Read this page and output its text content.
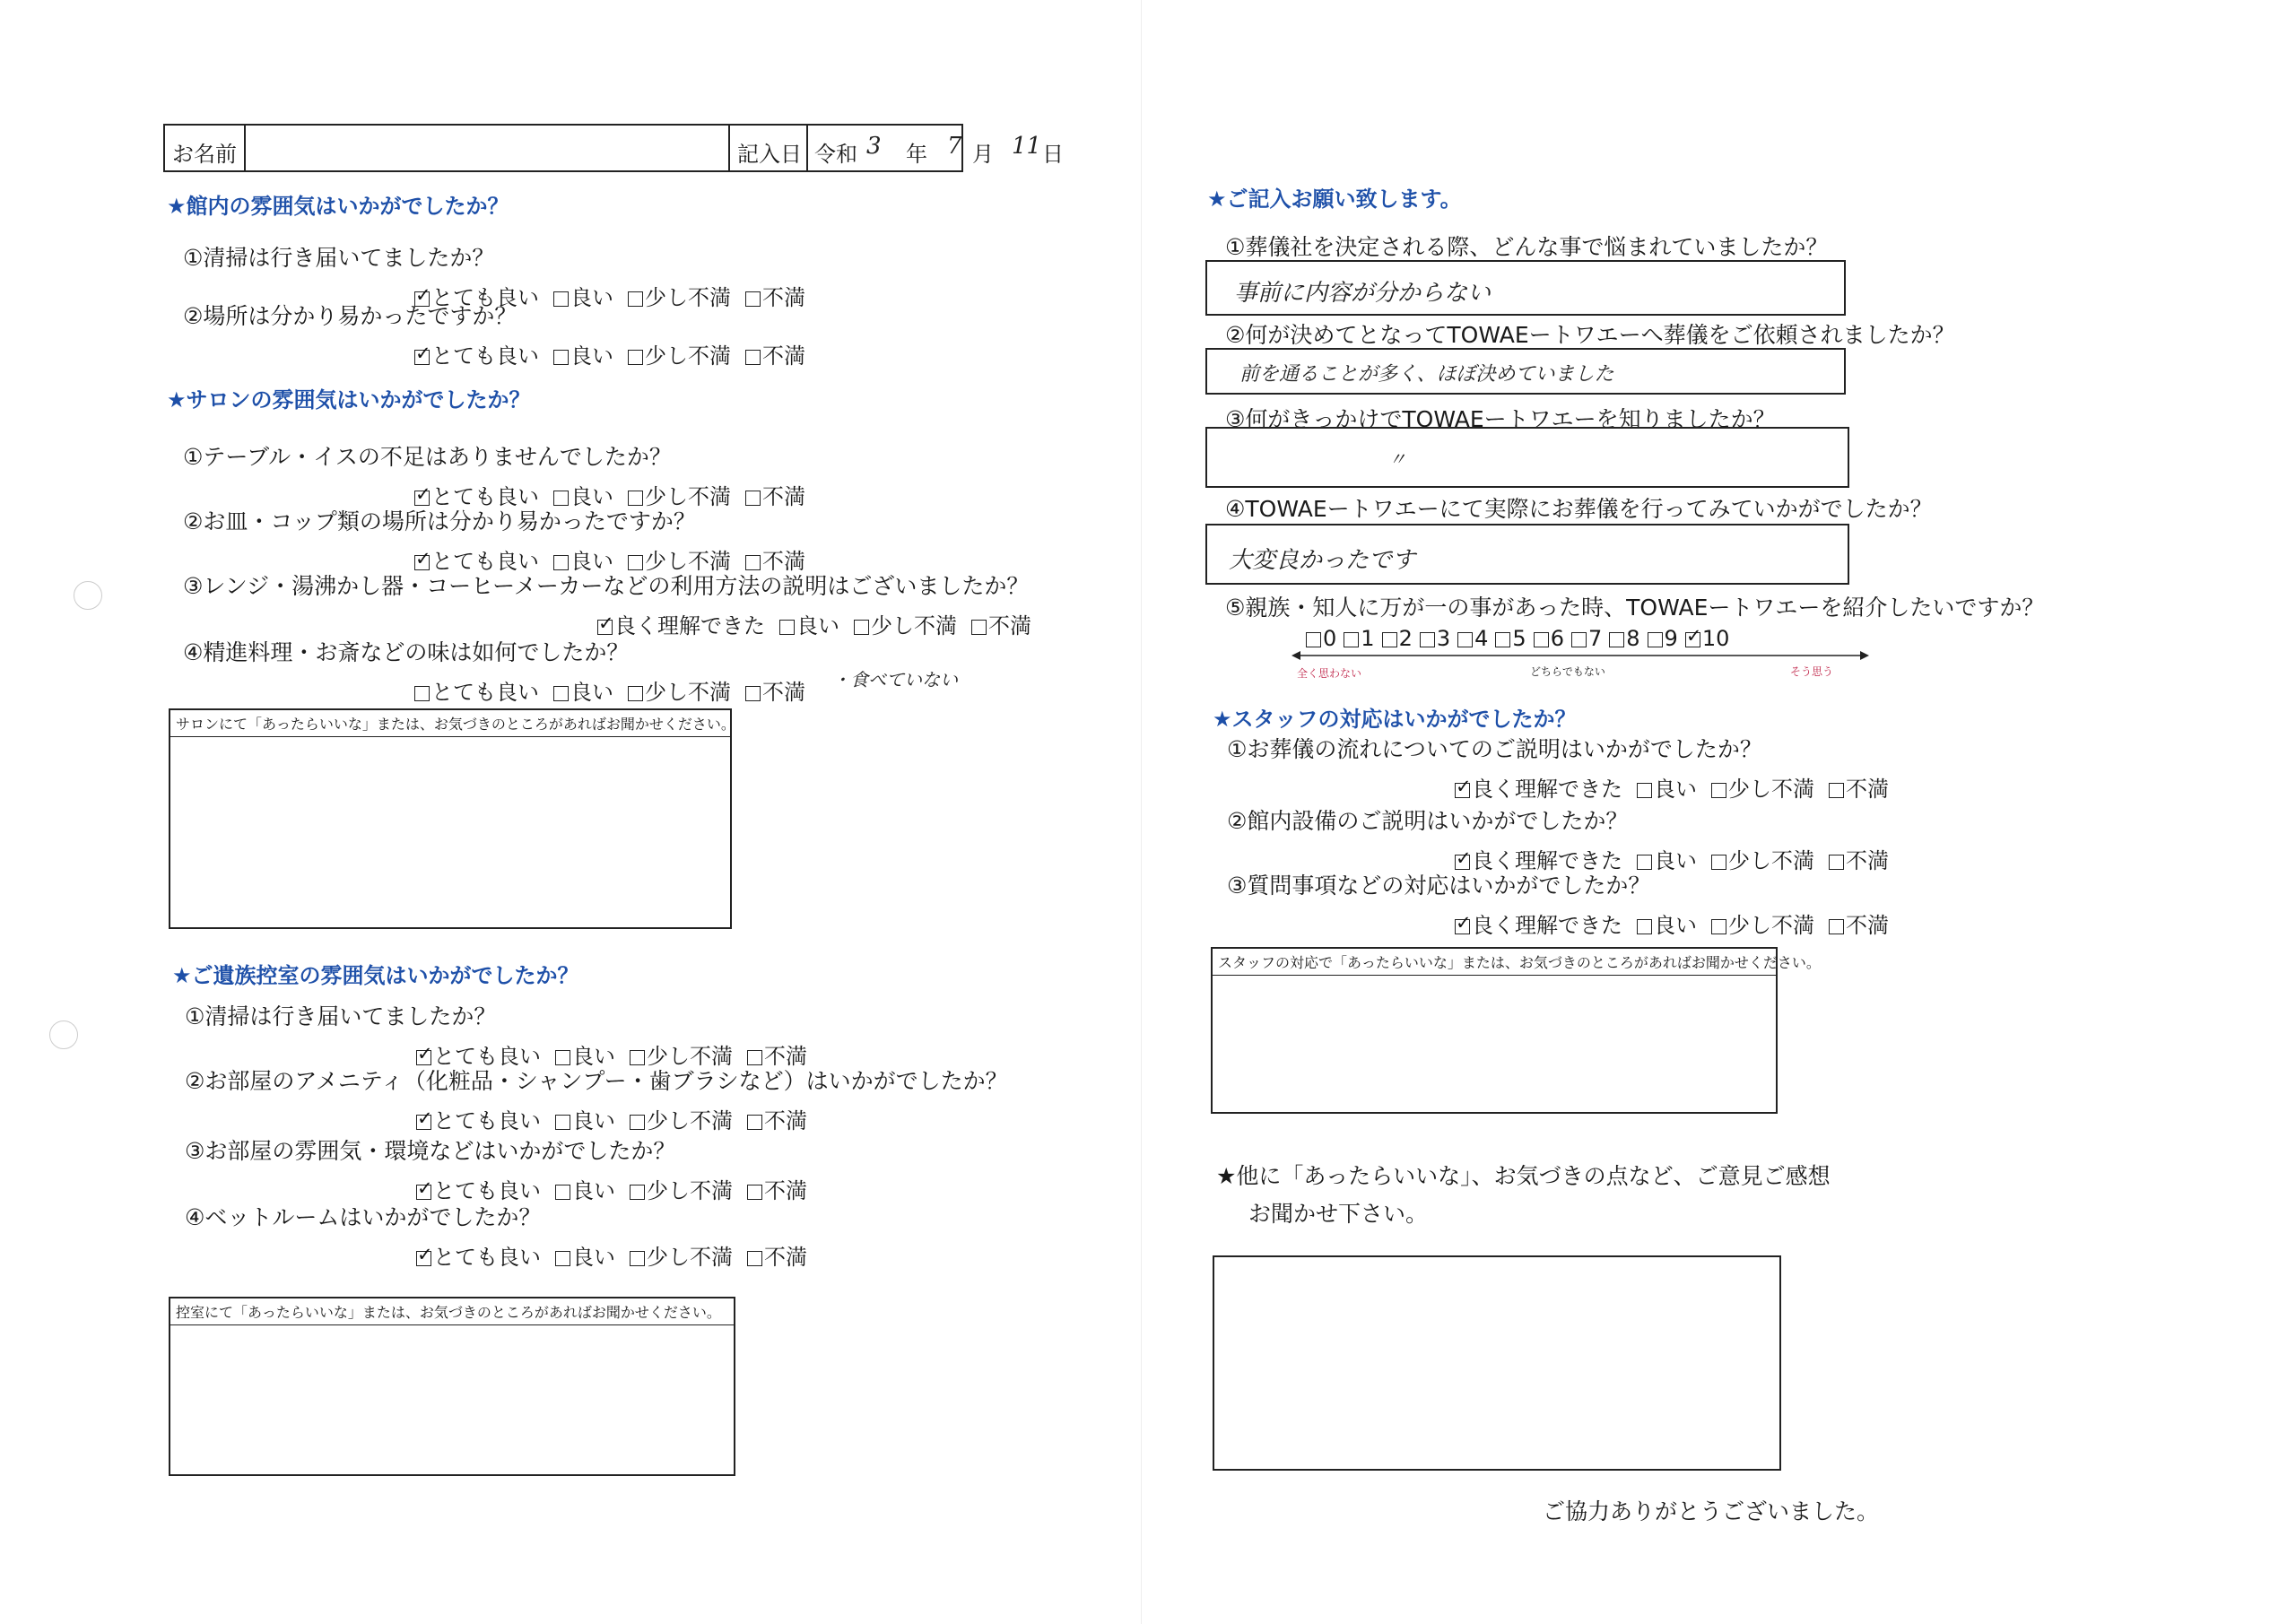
お名前	記入日 令和 3 年 7 月 11 日
★館内の雰囲気はいかがでしたか？
①清掃は行き届いてましたか？
✓とても良い 良い 少し不満 不満
②場所は分かり易かったですか？
✓とても良い 良い 少し不満 不満
★サロンの雰囲気はいかがでしたか？
①テーブル・イスの不足はありませんでしたか？
✓とても良い 良い 少し不満 不満
②お皿・コップ類の場所は分かり易かったですか？
✓とても良い 良い 少し不満 不満
③レンジ・湯沸かし器・コーヒーメーカーなどの利用方法の説明はございましたか？
✓良く理解できた 良い 少し不満 不満
④精進料理・お斎などの味は如何でしたか？
とても良い 良い 少し不満 不満	・食べていない
サロンにて「あったらいいな」または、お気づきのところがあればお聞かせください。
★ご遺族控室の雰囲気はいかがでしたか？
①清掃は行き届いてましたか？
✓とても良い 良い 少し不満 不満
②お部屋のアメニティ（化粧品・シャンプー・歯ブラシなど）はいかがでしたか？
✓とても良い 良い 少し不満 不満
③お部屋の雰囲気・環境などはいかがでしたか？
✓とても良い 良い 少し不満 不満
④ベットルームはいかがでしたか？
✓とても良い 良い 少し不満 不満
控室にて「あったらいいな」または、お気づきのところがあればお聞かせください。
★ご記入お願い致します。
①葬儀社を決定される際、どんな事で悩まれていましたか？
事前に内容が分からない
②何が決めてとなってTOWAEートワエーへ葬儀をご依頼されましたか？
前を通ることが多く、ほぼ決めていました
③何がきっかけでTOWAEートワエーを知りましたか？
〃
④TOWAEートワエーにて実際にお葬儀を行ってみていかがでしたか？
大変良かったです
⑤親族・知人に万が一の事があった時、TOWAEートワエーを紹介したいですか？
0 1 2 3 4 5 6 7 8 9✓ 10
全く思わない	どちらでもない	そう思う
★スタッフの対応はいかがでしたか？
①お葬儀の流れについてのご説明はいかがでしたか？
✓良く理解できた 良い 少し不満 不満
②館内設備のご説明はいかがでしたか？
✓良く理解できた 良い 少し不満 不満
③質問事項などの対応はいかがでしたか？
✓良く理解できた 良い 少し不満 不満
スタッフの対応で「あったらいいな」または、お気づきのところがあればお聞かせください。
★他に「あったらいいな」、お気づきの点など、ご意見ご感想
お聞かせ下さい。
ご協力ありがとうございました。
